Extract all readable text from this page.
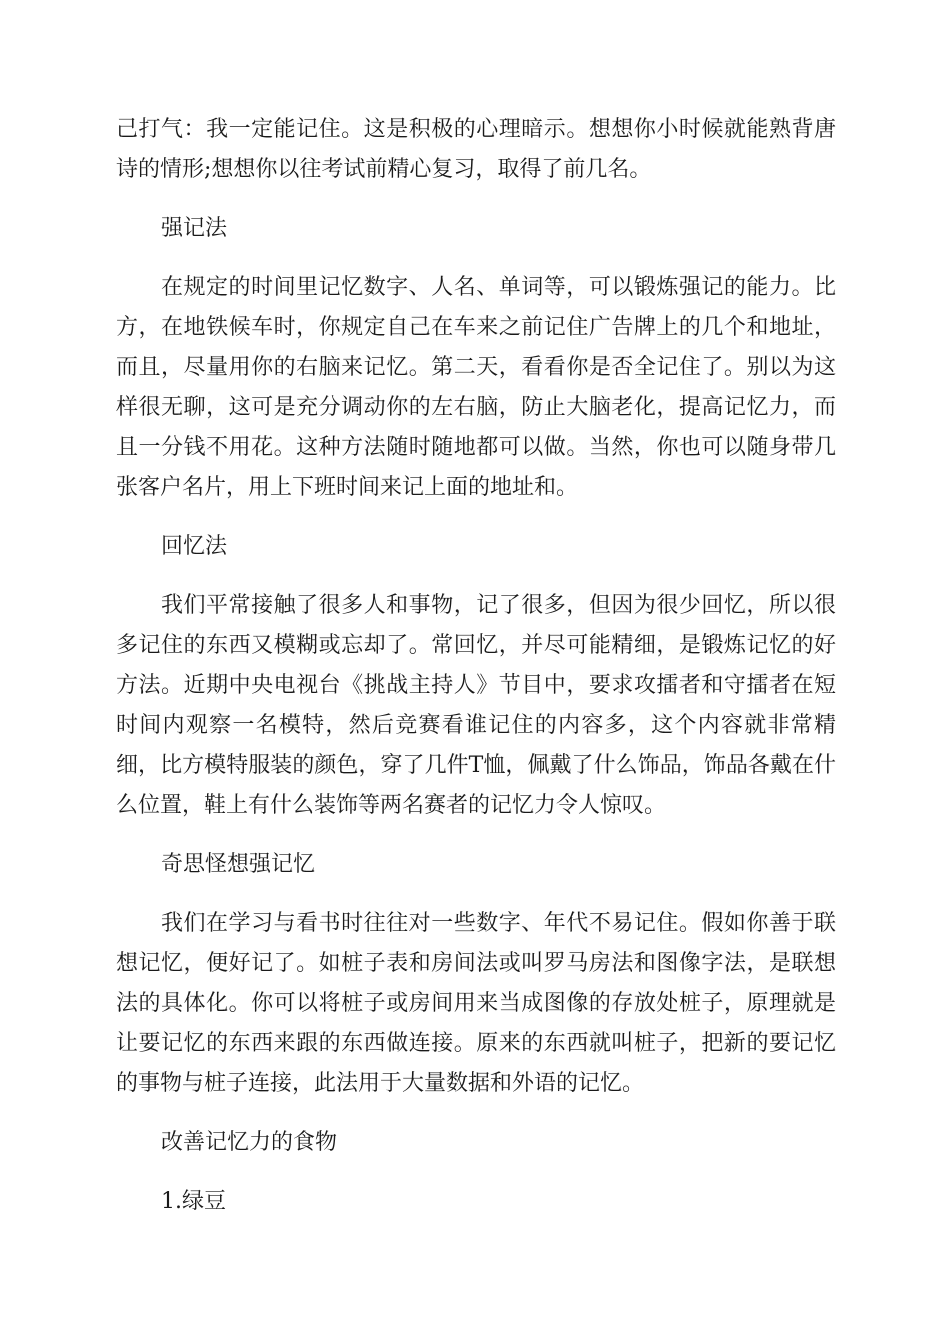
己打气：我一定能记住。这是积极的心理暗示。想想你小时候就能熟背唐诗的情形;想想你以往考试前精心复习，取得了前几名。

强记法

在规定的时间里记忆数字、人名、单词等，可以锻炼强记的能力。比方，在地铁候车时，你规定自己在车来之前记住广告牌上的几个和地址，而且，尽量用你的右脑来记忆。第二天，看看你是否全记住了。别以为这样很无聊，这可是充分调动你的左右脑，防止大脑老化，提高记忆力，而且一分钱不用花。这种方法随时随地都可以做。当然，你也可以随身带几张客户名片，用上下班时间来记上面的地址和。

回忆法

我们平常接触了很多人和事物，记了很多，但因为很少回忆，所以很多记住的东西又模糊或忘却了。常回忆，并尽可能精细，是锻炼记忆的好方法。近期中央电视台《挑战主持人》节目中，要求攻擂者和守擂者在短时间内观察一名模特，然后竞赛看谁记住的内容多，这个内容就非常精细，比方模特服装的颜色，穿了几件T恤，佩戴了什么饰品，饰品各戴在什么位置，鞋上有什么装饰等两名赛者的记忆力令人惊叹。

奇思怪想强记忆

我们在学习与看书时往往对一些数字、年代不易记住。假如你善于联想记忆，便好记了。如桩子表和房间法或叫罗马房法和图像字法，是联想法的具体化。你可以将桩子或房间用来当成图像的存放处桩子，原理就是让要记忆的东西来跟的东西做连接。原来的东西就叫桩子，把新的要记忆的事物与桩子连接，此法用于大量数据和外语的记忆。

改善记忆力的食物

1.绿豆
